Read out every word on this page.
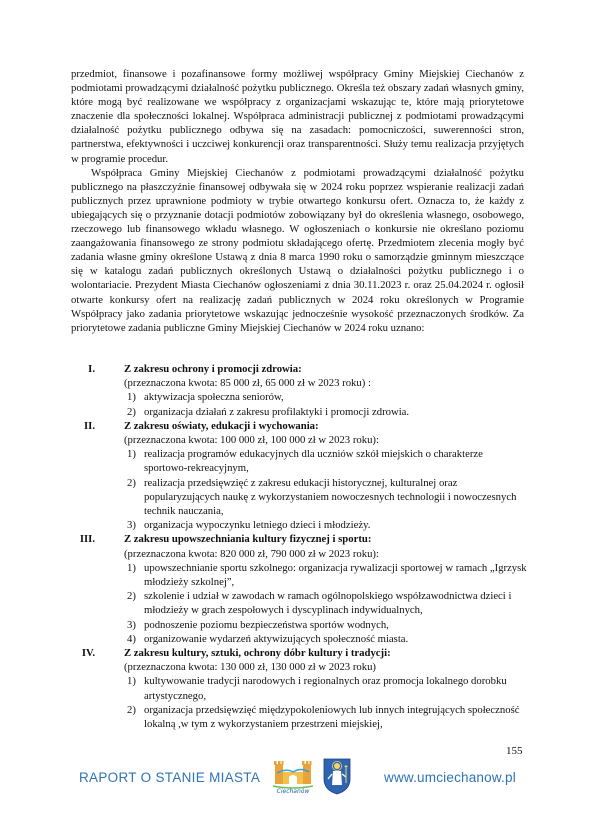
przedmiot, finansowe i pozafinansowe formy możliwej współpracy Gminy Miejskiej Ciechanów z podmiotami prowadzącymi działalność pożytku publicznego. Określa też obszary zadań własnych gminy, które mogą być realizowane we współpracy z organizacjami wskazując te, które mają priorytetowe znaczenie dla społeczności lokalnej. Współpraca administracji publicznej z podmiotami prowadzącymi działalność pożytku publicznego odbywa się na zasadach: pomocniczości, suwerenności stron, partnerstwa, efektywności i uczciwej konkurencji oraz transparentności. Służy temu realizacja przyjętych w programie procedur.

Współpraca Gminy Miejskiej Ciechanów z podmiotami prowadzącymi działalność pożytku publicznego na płaszczyźnie finansowej odbywała się w 2024 roku poprzez wspieranie realizacji zadań publicznych przez uprawnione podmioty w trybie otwartego konkursu ofert. Oznacza to, że każdy z ubiegających się o przyznanie dotacji podmiotów zobowiązany był do określenia własnego, osobowego, rzeczowego lub finansowego wkładu własnego. W ogłoszeniach o konkursie nie określano poziomu zaangażowania finansowego ze strony podmiotu składającego ofertę. Przedmiotem zlecenia mogły być zadania własne gminy określone Ustawą z dnia 8 marca 1990 roku o samorządzie gminnym mieszczące się w katalogu zadań publicznych określonych Ustawą o działalności pożytku publicznego i o wolontariacie. Prezydent Miasta Ciechanów ogłoszeniami z dnia 30.11.2023 r. oraz 25.04.2024 r. ogłosił otwarte konkursy ofert na realizację zadań publicznych w 2024 roku określonych w Programie Współpracy jako zadania priorytetowe wskazując jednocześnie wysokość przeznaczonych środków. Za priorytetowe zadania publiczne Gminy Miejskiej Ciechanów w 2024 roku uznano:

I.	Z zakresu ochrony i promocji zdrowia:
(przeznaczona kwota: 85 000 zł, 65 000 zł w 2023 roku) :
1) aktywizacja społeczna seniorów,
2) organizacja działań z zakresu profilaktyki i promocji zdrowia.
II.	Z zakresu oświaty, edukacji i wychowania:
(przeznaczona kwota: 100 000 zł, 100 000 zł w 2023 roku):
1) realizacja programów edukacyjnych dla uczniów szkół miejskich o charakterze sportowo-rekreacyjnym,
2) realizacja przedsięwzięć z zakresu edukacji historycznej, kulturalnej oraz popularyzujących naukę z wykorzystaniem nowoczesnych technologii i nowoczesnych technik nauczania,
3) organizacja wypoczynku letniego dzieci i młodzieży.
III.	Z zakresu upowszechniania kultury fizycznej i sportu:
(przeznaczona kwota: 820 000 zł, 790 000 zł w 2023 roku):
1) upowszechnianie sportu szkolnego: organizacja rywalizacji sportowej w ramach „Igrzysk młodzieży szkolnej”,
2) szkolenie i udział w zawodach w ramach ogólnopolskiego współzawodnictwa dzieci i młodzieży w grach zespołowych i dyscyplinach indywidualnych,
3) podnoszenie poziomu bezpieczeństwa sportów wodnych,
4) organizowanie wydarzeń aktywizujących społeczność miasta.
IV.	Z zakresu kultury, sztuki, ochrony dóbr kultury i tradycji:
(przeznaczona kwota: 130 000 zł, 130 000 zł w 2023 roku)
1) kultywowanie tradycji narodowych i regionalnych oraz promocja lokalnego dorobku artystycznego,
2) organizacja przedsięwzięć międzypokoleniowych lub innych integrujących społeczność lokalną ,w tym z wykorzystaniem przestrzeni miejskiej,
155
RAPORT O STANIE MIASTA
Ciechanów
www.umciechanow.pl
